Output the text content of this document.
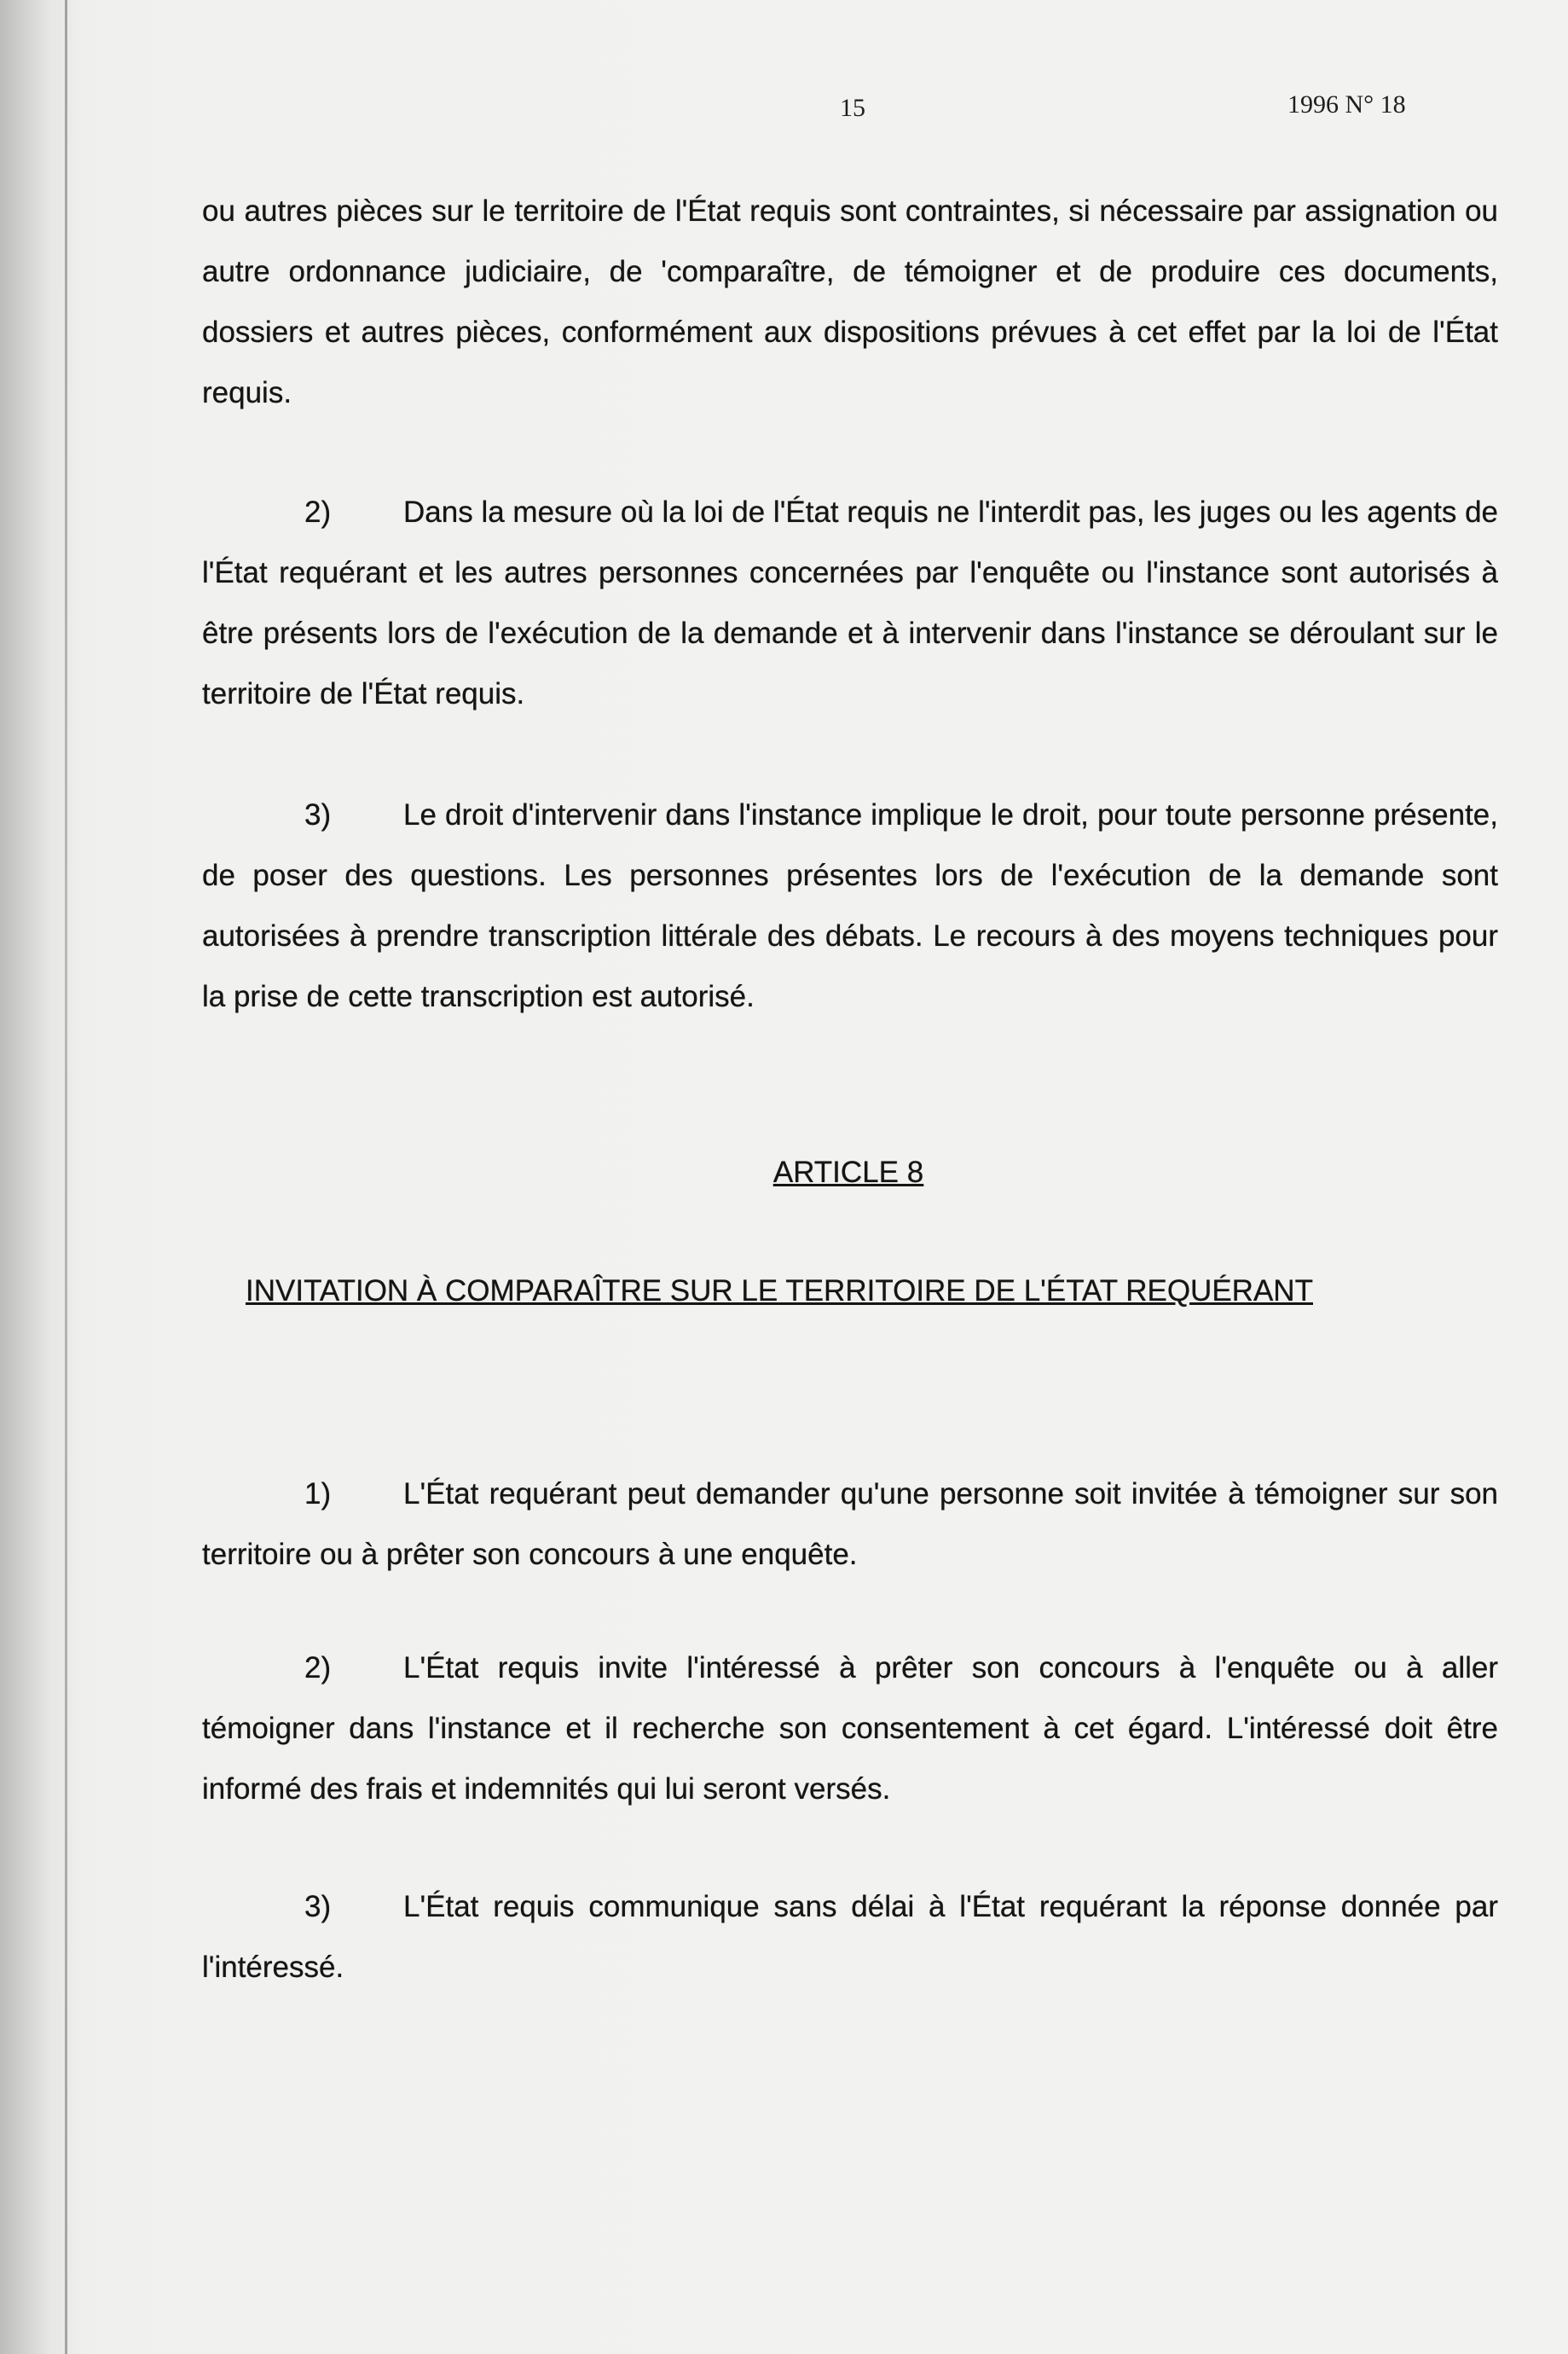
15	1996 N° 18
ou autres pièces sur le territoire de l'État requis sont contraintes, si nécessaire par assignation ou autre ordonnance judiciaire, de 'comparaître, de témoigner et de produire ces documents, dossiers et autres pièces, conformément aux dispositions prévues à cet effet par la loi de l'État requis.
2) Dans la mesure où la loi de l'État requis ne l'interdit pas, les juges ou les agents de l'État requérant et les autres personnes concernées par l'enquête ou l'instance sont autorisés à être présents lors de l'exécution de la demande et à intervenir dans l'instance se déroulant sur le territoire de l'État requis.
3) Le droit d'intervenir dans l'instance implique le droit, pour toute personne présente, de poser des questions. Les personnes présentes lors de l'exécution de la demande sont autorisées à prendre transcription littérale des débats. Le recours à des moyens techniques pour la prise de cette transcription est autorisé.
ARTICLE 8
INVITATION À COMPARAÎTRE SUR LE TERRITOIRE DE L'ÉTAT REQUÉRANT
1) L'État requérant peut demander qu'une personne soit invitée à témoigner sur son territoire ou à prêter son concours à une enquête.
2) L'État requis invite l'intéressé à prêter son concours à l'enquête ou à aller témoigner dans l'instance et il recherche son consentement à cet égard. L'intéressé doit être informé des frais et indemnités qui lui seront versés.
3) L'État requis communique sans délai à l'État requérant la réponse donnée par l'intéressé.
